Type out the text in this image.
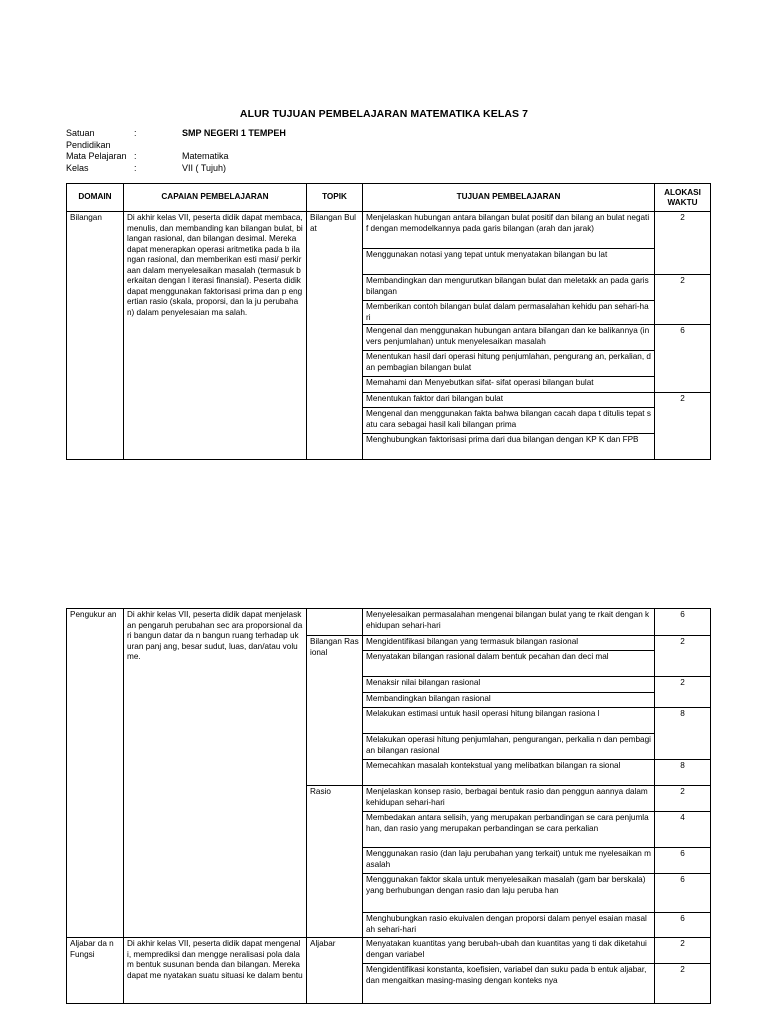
ALUR TUJUAN PEMBELAJARAN MATEMATIKA KELAS 7
Satuan Pendidikan
:	SMP NEGERI 1 TEMPEH
Mata Pelajaran :	Matematika
Kelas	:	VII ( Tujuh)
DOMAIN	CAPAIAN PEMBELAJARAN	TOPIK	TUJUAN PEMBELAJARAN	ALOKASI
WAKTU
Bilangan	Di akhir kelas VII, peserta didik dapat membaca, menulis, dan membanding kan bilangan bulat, bilangan rasional, dan bilangan desimal. Mereka dapat menerapkan operasi aritmetika pada b ilangan rasional, dan memberikan esti masi/ perkiraan dalam menyelesaikan masalah (termasuk berkaitan dengan l iterasi finansial). Peserta didik dapat menggunakan faktorisasi prima dan p engertian rasio (skala, proporsi, dan la ju perubahan) dalam penyelesaian ma salah.	Bilangan Bulat	Menjelaskan hubungan antara bilangan bulat positif dan bilang an bulat negatif dengan memodelkannya pada garis bilangan (arah dan jarak)	2
			Menggunakan notasi yang tepat untuk menyatakan bilangan bu lat	
			Membandingkan dan mengurutkan bilangan bulat dan meletakk an pada garis bilangan	2
			Memberikan contoh bilangan bulat dalam permasalahan kehidu pan sehari-hari	
			Mengenal dan menggunakan hubungan antara bilangan dan ke balikannya (invers penjumlahan) untuk menyelesaikan masalah	6
			Menentukan hasil dari operasi hitung penjumlahan, pengurang an, perkalian, dan pembagian bilangan bulat	
			Memahami dan Menyebutkan sifat- sifat operasi bilangan bulat	
			Menentukan faktor dari bilangan bulat	2
			Mengenal dan menggunakan fakta bahwa bilangan cacah dapa t ditulis tepat satu cara sebagai hasil kali bilangan prima	
			Menghubungkan faktorisasi prima dari dua bilangan dengan KP K dan FPB	
Pengukur an	Di akhir kelas VII, peserta didik dapat menjelaskan pengaruh perubahan sec ara proporsional dari bangun datar da n bangun ruang terhadap ukuran panj ang, besar sudut, luas, dan/atau volu me.		Menyelesaikan permasalahan mengenai bilangan bulat yang te rkait dengan kehidupan sehari-hari	6
		Bilangan Rasional	Mengidentifikasi bilangan yang termasuk bilangan rasional	2
			Menyatakan bilangan rasional dalam bentuk pecahan dan deci mal	
			Menaksir nilai bilangan rasional	2
			Membandingkan bilangan rasional	
			Melakukan estimasi untuk hasil operasi hitung bilangan rasiona l	8
			Melakukan operasi hitung penjumlahan, pengurangan, perkalia n dan pembagian bilangan rasional	
			Memecahkan masalah kontekstual yang melibatkan bilangan ra sional	8
		Rasio	Menjelaskan konsep rasio, berbagai bentuk rasio dan penggun aannya dalam kehidupan sehari-hari	2
			Membedakan antara selisih, yang merupakan perbandingan se cara penjumlahan, dan rasio yang merupakan perbandingan se cara perkalian	4
			Menggunakan rasio (dan laju perubahan yang terkait) untuk me nyelesaikan masalah	6
			Menggunakan faktor skala untuk menyelesaikan masalah (gam bar berskala) yang berhubungan dengan rasio dan laju peruba han	6
			Menghubungkan rasio ekuivalen dengan proporsi dalam penyel esaian masalah sehari-hari	6

Aljabar da n Fungsi	Di akhir kelas VII, peserta didik dapat mengenali, memprediksi dan mengge neralisasi pola dalam bentuk susunan benda dan bilangan. Mereka dapat me nyatakan suatu situasi ke dalam bentu	Aljabar	Menyatakan kuantitas yang berubah-ubah dan kuantitas yang ti dak diketahui dengan variabel	2
			Mengidentifikasi konstanta, koefisien, variabel dan suku pada b entuk aljabar, dan mengaitkan masing-masing dengan konteks nya	2
